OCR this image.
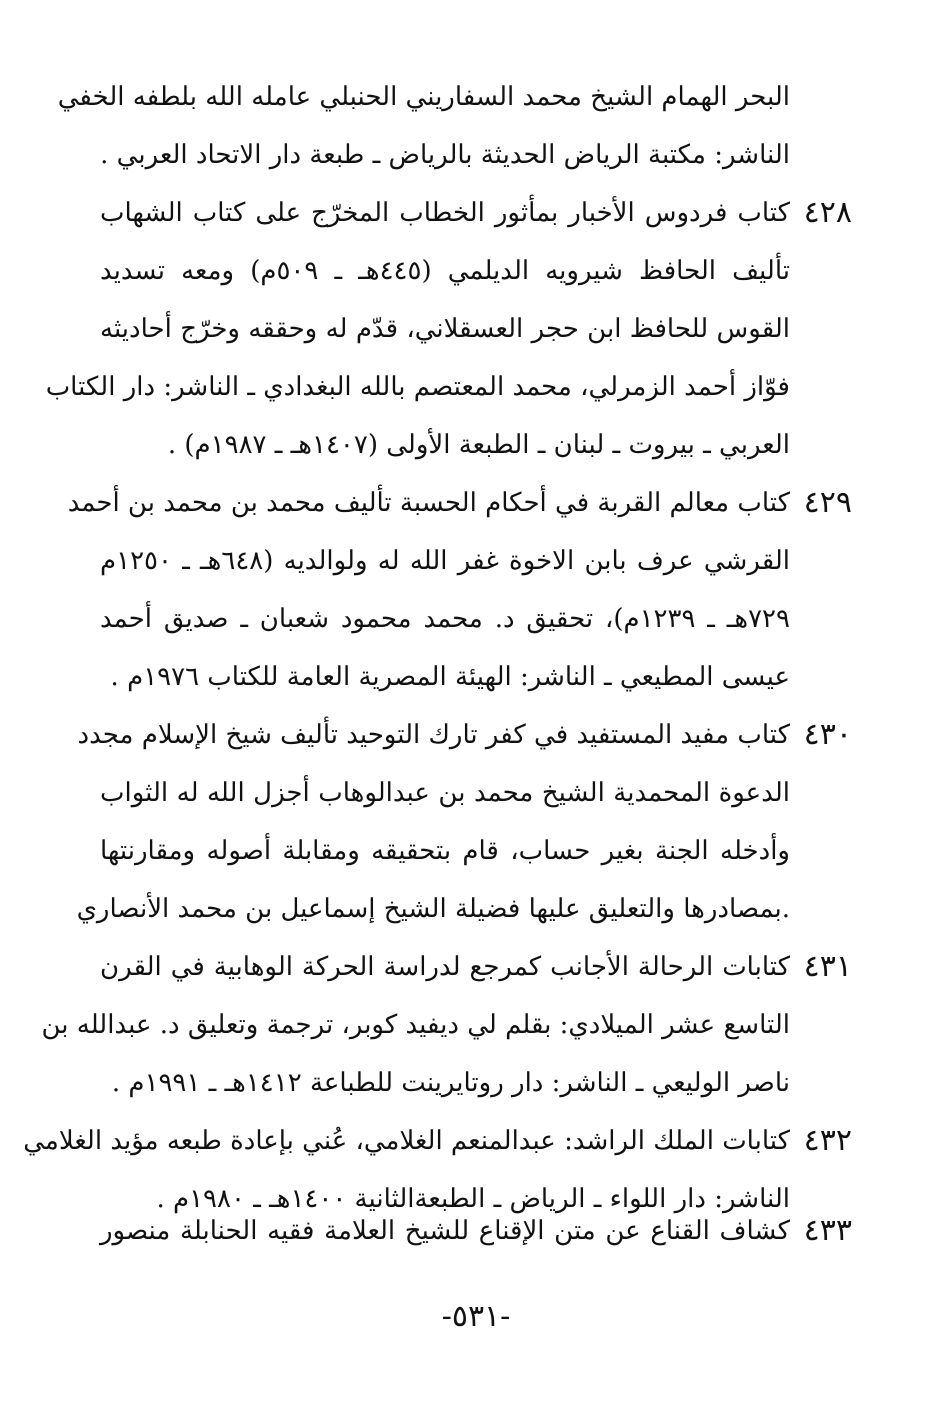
البحر الهمام الشيخ محمد السفاريني الحنبلي عامله الله بلطفه الخفي
الناشر: مكتبة الرياض الحديثة بالرياض ـ طبعة دار الاتحاد العربي .
٤٢٨
كتاب فردوس الأخبار بمأثور الخطاب المخرّج على كتاب الشهاب
تأليف الحافظ شيرويه الديلمي (٤٤٥هـ ـ ٥٠٩م) ومعه تسديد
القوس للحافظ ابن حجر العسقلاني، قدّم له وحققه وخرّج أحاديثه
فوّاز أحمد الزمرلي، محمد المعتصم بالله البغدادي ـ الناشر: دار الكتاب
العربي ـ بيروت ـ لبنان ـ الطبعة الأولى (١٤٠٧هـ ـ ١٩٨٧م) .
٤٢٩
كتاب معالم القربة في أحكام الحسبة تأليف محمد بن محمد بن أحمد
القرشي عرف بابن الاخوة غفر الله له ولوالديه (٦٤٨هـ ـ ١٢٥٠م
٧٢٩هـ ـ ١٢٣٩م)، تحقيق د. محمد محمود شعبان ـ صديق أحمد
عيسى المطيعي ـ الناشر: الهيئة المصرية العامة للكتاب ١٩٧٦م .
٤٣٠
كتاب مفيد المستفيد في كفر تارك التوحيد تأليف شيخ الإسلام مجدد
الدعوة المحمدية الشيخ محمد بن عبدالوهاب أجزل الله له الثواب
وأدخله الجنة بغير حساب، قام بتحقيقه ومقابلة أصوله ومقارنتها
.بمصادرها والتعليق عليها فضيلة الشيخ إسماعيل بن محمد الأنصاري
٤٣١
كتابات الرحالة الأجانب كمرجع لدراسة الحركة الوهابية في القرن
التاسع عشر الميلادي: بقلم لي ديفيد كوبر، ترجمة وتعليق د. عبدالله بن
ناصر الوليعي ـ الناشر: دار روتايرينت للطباعة ١٤١٢هـ ـ ١٩٩١م .
٤٣٢
كتابات الملك الراشد: عبدالمنعم الغلامي، عُني بإعادة طبعه مؤيد الغلامي
الناشر: دار اللواء ـ الرياض ـ الطبعةالثانية ١٤٠٠هـ ـ ١٩٨٠م .
٤٣٣
كشاف القناع عن متن الإقناع للشيخ العلامة فقيه الحنابلة منصور
-٥٣١-
